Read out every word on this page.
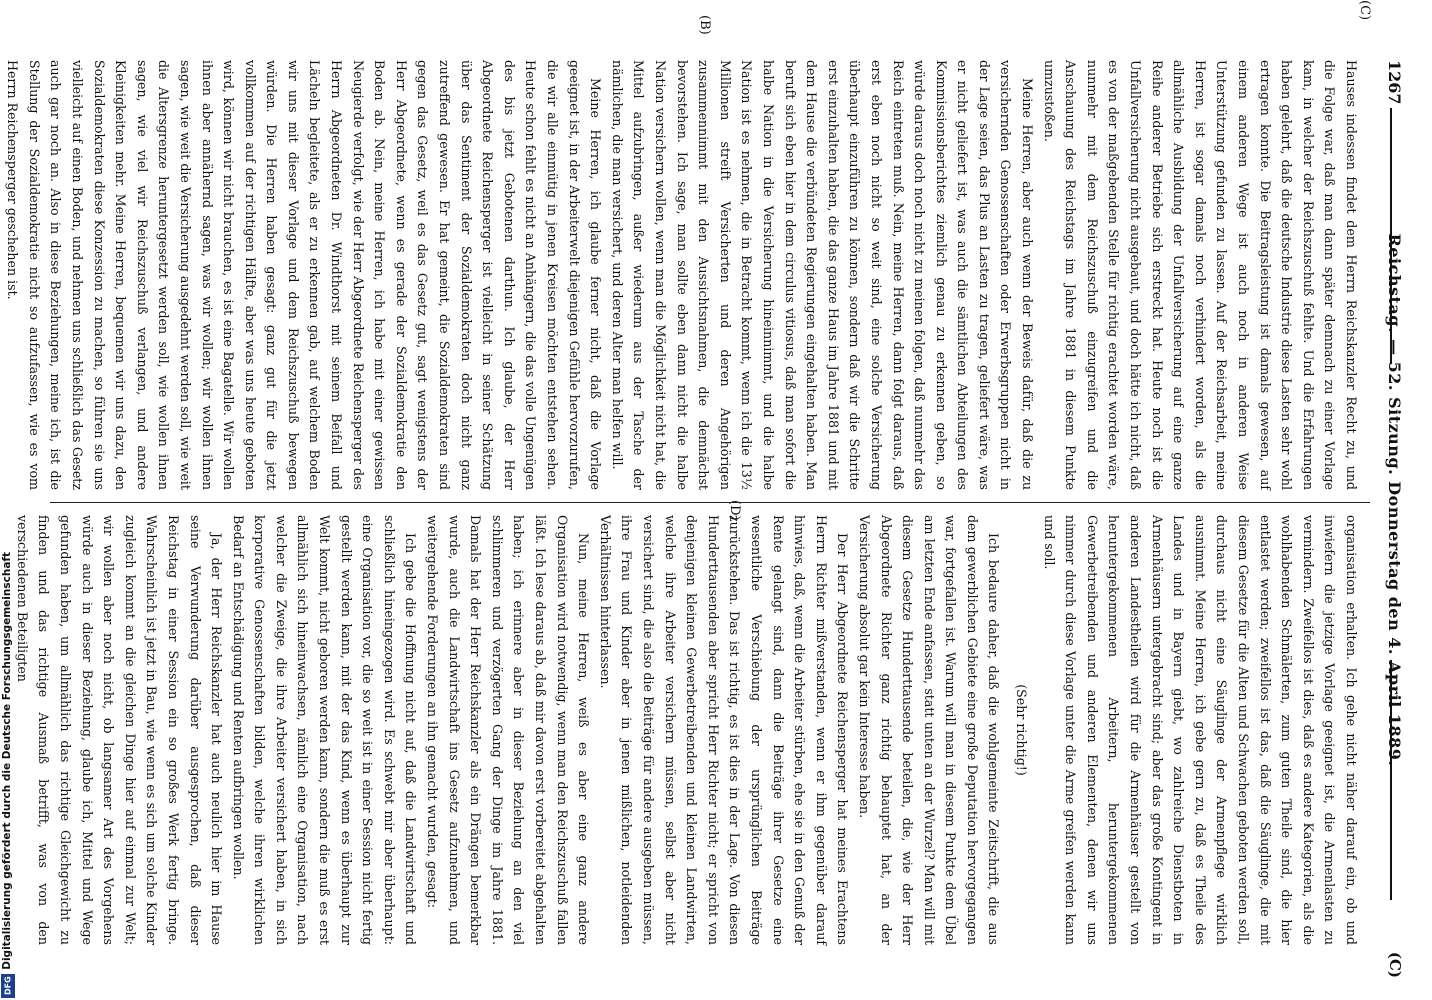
(C)
(B)
(D)
1267
Reichstag. — 52. Sitzung. Donnerstag den 4. April 1889.
(C)

Hauses indessen findet dem Herrn Reichskanzler Recht zu, und die Folge war, daß man dann später demnach zu einer Vorlage kam, in welcher der Reichszuschuß fehlte. Und die Erfahrungen haben gelehrt, daß die deutsche Industrie diese Lasten sehr wohl ertragen konnte. Die Beitragsleistung ist damals gewesen, auf einem anderen Wege ist auch noch in anderen Weise Unterstützung gefunden zu lassen. Auf der Reichsarbeit, meine Herren, ist sogar damals noch verhindert worden, als die allmähliche Ausbildung der Unfallversicherung auf eine ganze Reihe anderer Betriebe sich erstreckt hat. Heute noch ist die Unfallversicherung nicht ausgebaut, und doch hätte ich nicht, daß es von der maßgebenden Stelle für richtig erachtet worden wäre, nunmehr mit dem Reichszuschuß einzugreifen und die Anschauung des Reichstags im Jahre 1881 in diesem Punkte umzustoßen.

Meine Herren, aber auch wenn der Beweis dafür, daß die zu versichernden Genossenschaften oder Erwerbsgruppen nicht in der Lage seien, das Plus an Lasten zu tragen, geliefert wäre, was er nicht geliefert ist, was auch die sämtlichen Abteilungen des Kommissionsberichtes ziemlich genau zu erkennen geben, so würde daraus doch noch nicht zu meinen folgen, daß nunmehr das Reich eintreten muß. Nein, meine Herren, dann folgt daraus, daß erst eben noch nicht so weit sind, eine solche Versicherung überhaupt einzuführen zu können, sondern daß wir die Schritte erst einzuhalten haben, die das ganze Haus im Jahre 1881 und mit dem Hause die verbündeten Regierungen eingehalten haben. Man beruft sich eben hier in dem circulus vitiosus, daß man sofort die halbe Nation in die Versicherung hineinnimmt, und die halbe Nation ist es nehmen, die in Betracht kommt, wenn ich die 13½ Millionen streift Versicherten und deren Angehörigen zusammennimmt mit den Aussichtsnahmen, die demnächst bevorstehen. Ich sage, man sollte eben dann nicht die halbe Nation versichern wollen, wenn man die Möglichkeit nicht hat, die Mittel aufzubringen, außer wiederum aus der Tasche der nämlichen, die man versichert, und deren Alter man helfen will.

Meine Herren, ich glaube ferner nicht, daß die Vorlage geeignet ist, in der Arbeiterwelt diejenigen Gefühle hervorzurufen, die wir alle einmütig in jenen Kreisen möchten entstehen sehen. Heute schon fehlt es nicht an Anhängern, die das volle Ungenügen des bis jetzt Gebotenen darthun. Ich glaube, der Herr Abgeordnete Reichensperger ist vielleicht in seiner Schätzung über das Sentiment der Sozialdemokraten doch nicht ganz zutreffend gewesen. Er hat gemeint, die Sozialdemokraten sind gegen das Gesetz, weil es das Gesetz gut, sagt wenigstens der Herr Abgeordnete, wenn es gerade der Sozialdemokratie den Boden ab. Nein, meine Herren, ich habe mit einer gewissen Neugierde verfolgt, wie der Herr Abgeordnete Reichensperger des Herrn Abgeordneten Dr. Windthorst mit seinem Beifall und Lächeln begleitete, als er zu erkennen gab, auf welchem Boden wir uns mit dieser Vorlage und dem Reichszuschuß bewegen würden. Die Herren haben gesagt: ganz gut für die jetzt vollkommen auf der richtigen Hälfte, aber was uns heute geboten wird, können wir nicht brauchen, es ist eine Bagatelle. Wir wollen ihnen aber annähernd sagen, was wir wollen; wir wollen ihnen sagen, wie weit die Versicherung ausgedehnt werden soll, wie weit die Altersgrenze heruntergesetzt werden soll, wie wollen ihnen sagen, wie viel wir Reichszuschuß verlangen, und andere Kleinigkeiten mehr. Meine Herren, bequemen wir uns dazu, den Sozialdemokraten diese Konzession zu machen, so führen sie uns vielleicht auf einen Boden, und nehmen uns schließlich das Gesetz auch gar noch an. Also in diese Beziehungen, meine ich, ist die Stellung der Sozialdemokratie nicht so aufzufassen, wie es vom Herrn Reichensperger geschehen ist.

organisation erhalten. Ich gehe nicht näher darauf ein, ob und inwiefern die jetzige Vorlage geeignet ist, die Armenlasten zu vermindern. Zweifellos ist dies, daß es andere Kategorien, als die wohlhabenden Schmälerten, zum guten Theile sind, die hier entlastet werden; zweifellos ist das, daß die Säuglinge, die mit diesem Gesetze für die Alten und Schwachen geboten werden soll, durchaus nicht eine Säuglinge der Armenpflege wirklich ausnimmt. Meine Herren, ich gebe gern zu, daß es Theile des Landes und in Bayern giebt, wo zahlreiche Dienstboten in Armenhäusern untergebracht sind; aber das große Kontingent in anderen Landestheilen wird für die Armenhäuser gestellt von heruntergekommenen Arbeitern, heruntergekommenen Gewerbetreibenden und anderen Elementen, denen wir uns nimmer durch diese Vorlage unter die Arme greifen werden kann und soll.

(Sehr richtig!)

Ich bedaure daher, daß die wohlgemeinte Zeitschrift, die aus dem gewerblichen Gebiete eine große Deputation hervorgegangen war, fortgefallen ist. Warum will man in diesem Punkte dem Übel am letzten Ende anfassen, statt unten an der Wurzel? Man will mit diesem Gesetze Hunderttausende beteilen, die, wie der Herr Abgeordnete Richter ganz richtig behauptet hat, an der Versicherung absolut gar kein Interesse haben.

Der Herr Abgeordnete Reichensperger hat meines Erachtens Herrn Richter mißverstanden, wenn er ihm gegenüber darauf hinwies, daß, wenn die Arbeiter stürben, ehe sie in den Genuß der Rente gelangt sind, dann die Beiträge ihrer Gesetze eine wesentliche Verschiebung der ursprünglichen Beiträge zurückstehen. Das ist richtig, es ist dies in der Lage. Von diesen Hunderttausenden aber spricht Herr Richter nicht; er spricht von denjenigen kleinen Gewerbetreibenden und kleinen Landwirten, welche ihre Arbeiter versichern müssen, selbst aber nicht versichert sind, die also die Beiträge für andere ausgeben müssen, ihre Frau und Kinder aber in jenen mißlichen, notleidenden Verhältnissen hinterlassen.

Nun, meine Herren, weiß es aber eine ganz andere Organisation wird notwendig, wenn man den Reichszuschuß fallen läßt. Ich lese daraus ab, daß mir davon erst vorbereitet abgehalten haben; ich erinnere aber in dieser Beziehung an den viel schlimmeren und verzögerten Gang der Dinge im Jahre 1881. Damals hat der Herr Reichskanzler als ein Drängen bemerkbar wurde, auch die Landwirtschaft ins Gesetz aufzunehmen, und weitergehende Forderungen an ihn gemacht wurden, gesagt:

Ich gebe die Hoffnung nicht auf, daß die Landwirtschaft und schließlich hineingezogen wird. Es schwebt mir aber überhaupt: eine Organisation vor, die so weit ist in einer Session nicht fertig gestellt werden kann, mit der das Kind, wenn es überhaupt zur Welt kommt, nicht geboren werden kann, sondern die muß es erst allmählich sich hineinwachsen, nämlich eine Organisation, nach welcher die Zweige, die ihre Arbeiter versichert haben, in sich korporative Genossenschaften bilden, welche ihren wirklichen Bedarf an Entschädigung und Renten aufbringen wollen.

Ja, der Herr Reichskanzler hat auch neulich hier im Hause seine Verwunderung darüber ausgesprochen, daß dieser Reichstag in einer Session ein so großes Werk fertig bringe. Wahrscheinlich ist jetzt in Bau, wie wenn es sich um solche Kinder zugleich kommt an die gleichen Dinge hier auf einmal zur Welt; wir wollen aber noch nicht, ob langsamer Art des Vorgehens würde auch in dieser Beziehung, glaube ich, Mittel und Wege gefunden haben, um allmählich das richtige Gleichgewicht zu finden und das richtige Ausmaß betrifft, was von den verschiedenen Beteiligten

Digitalisierung gefördert durch die Deutsche Forschungsgemeinschaft
DFG
